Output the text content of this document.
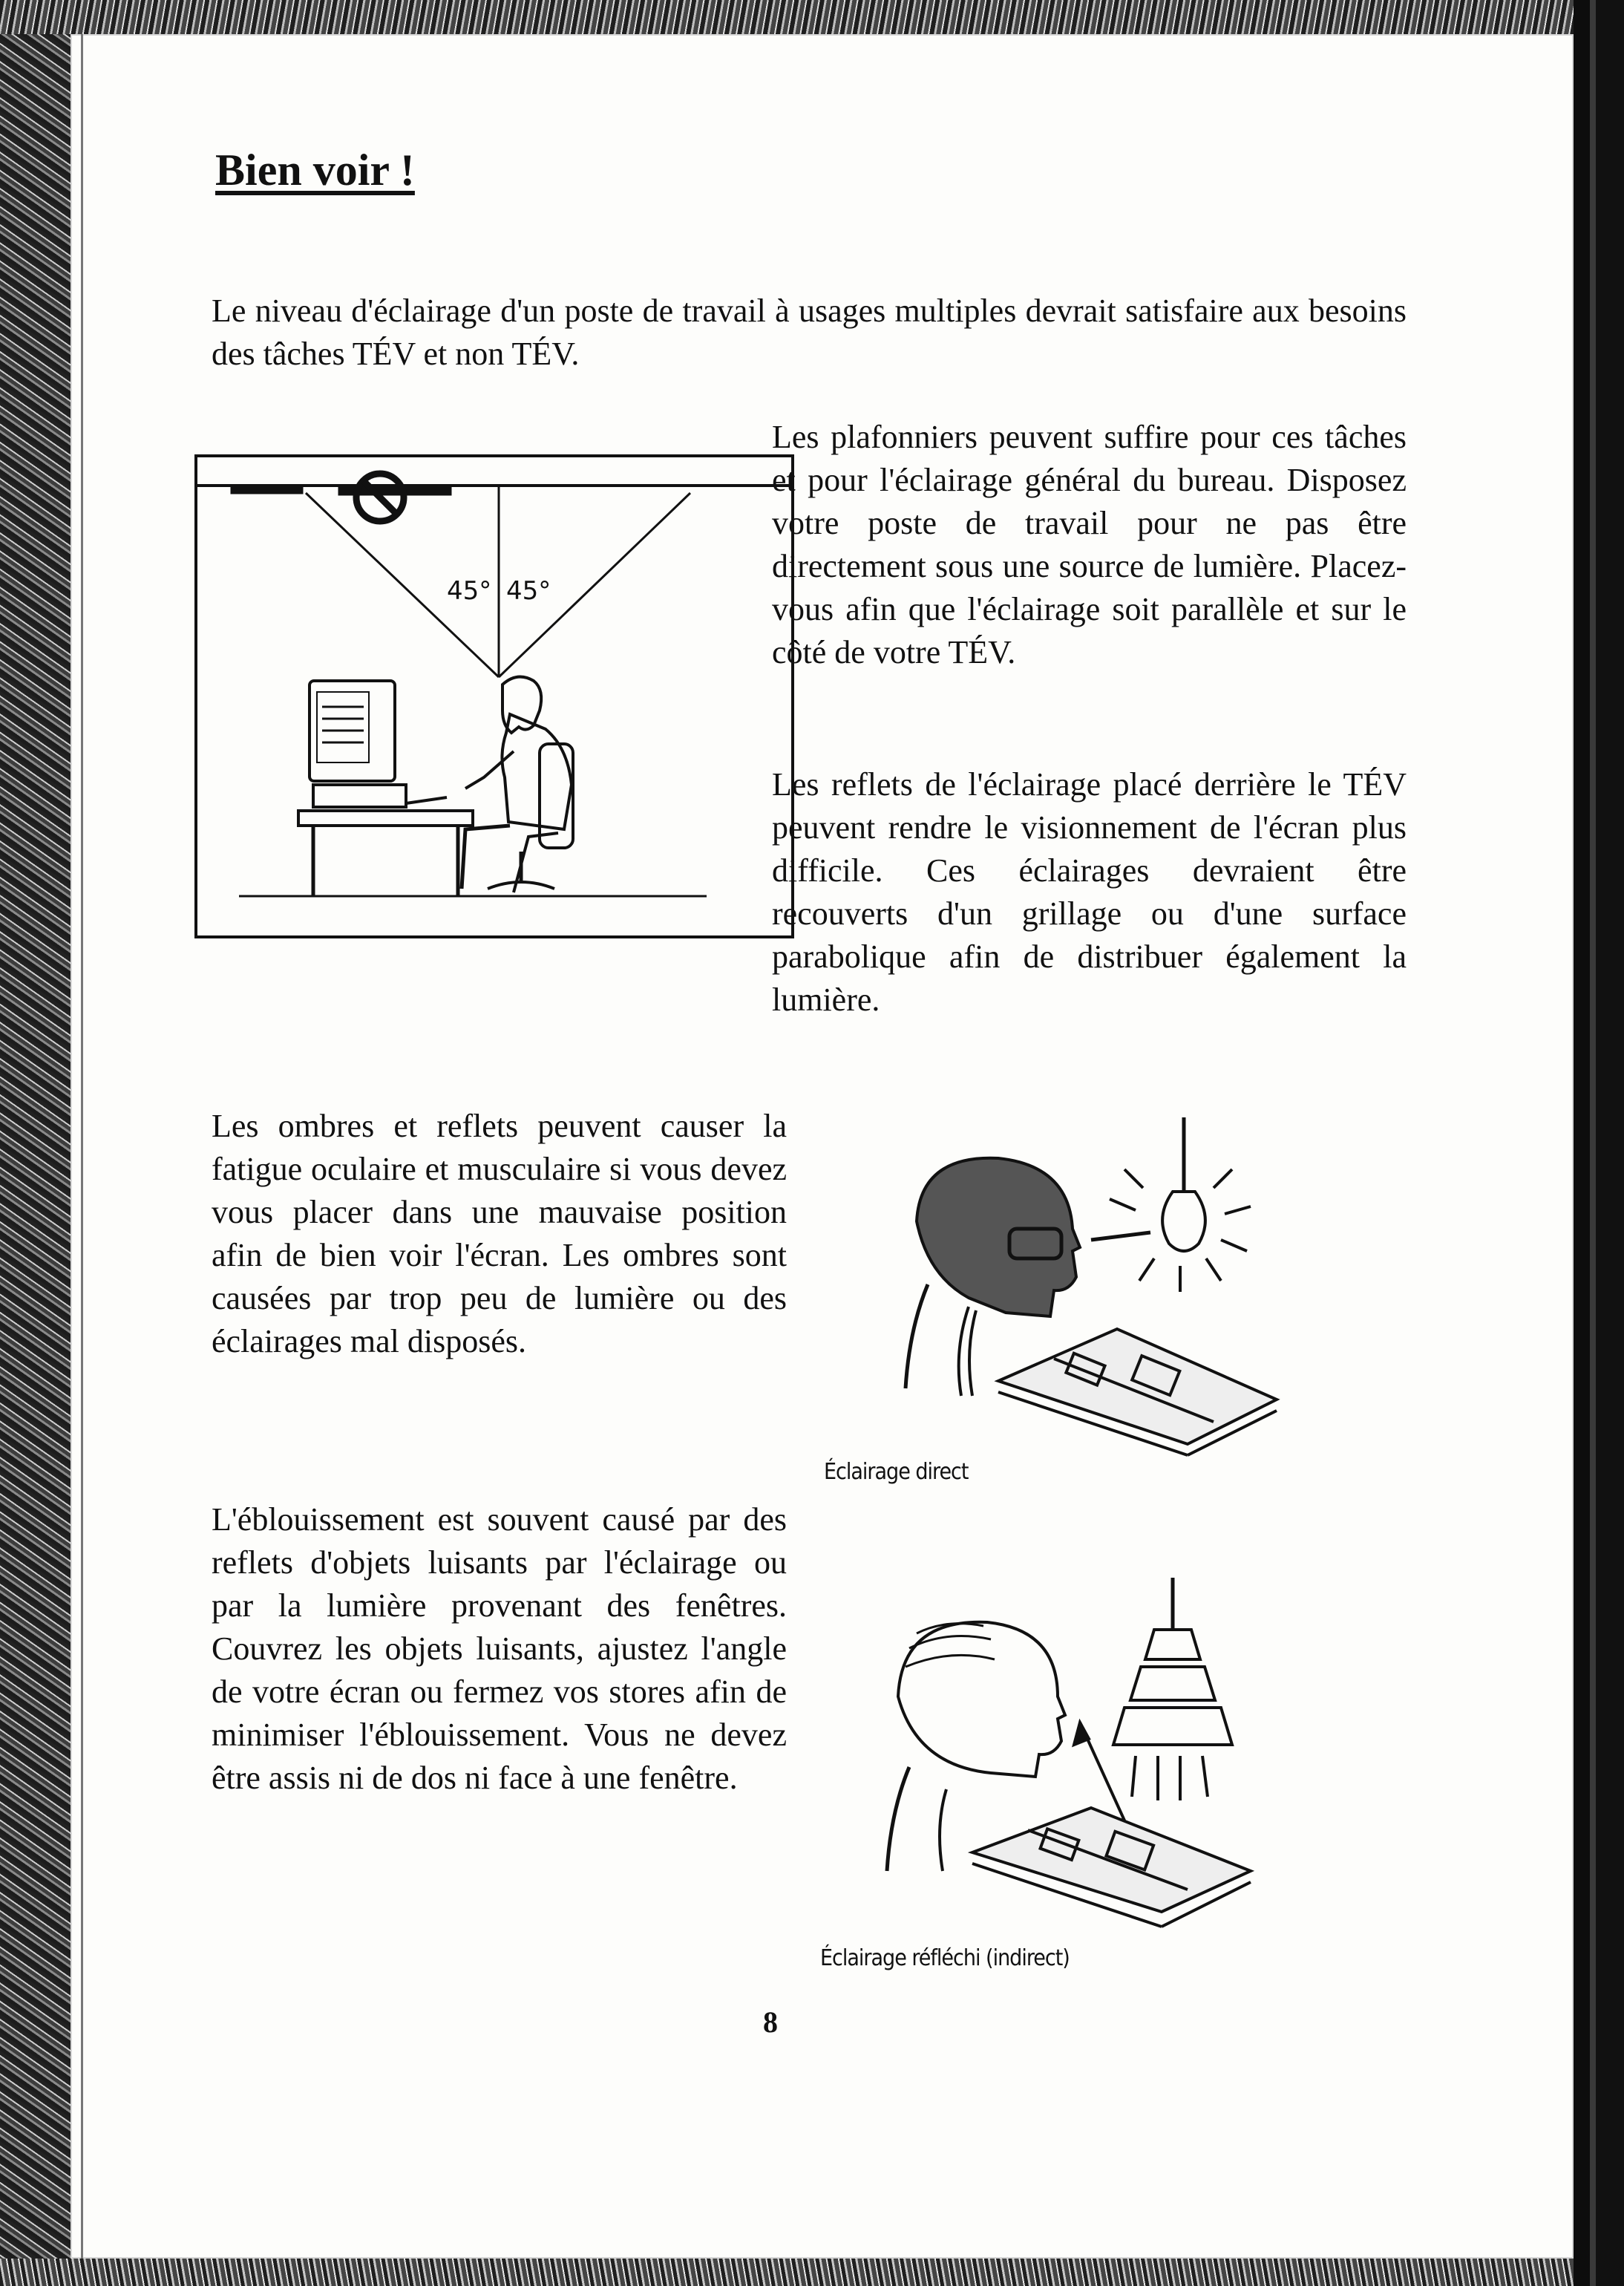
Bien voir !

Le niveau d'éclairage d'un poste de travail à usages multiples devrait satisfaire aux besoins des tâches TÉV et non TÉV.

45° 45°

Les plafonniers peuvent suffire pour ces tâches et pour l'éclairage général du bureau. Disposez votre poste de travail pour ne pas être directement sous une source de lumière. Placez-vous afin que l'éclairage soit parallèle et sur le côté de votre TÉV.

Les reflets de l'éclairage placé derrière le TÉV peuvent rendre le visionnement de l'écran plus difficile. Ces éclairages devraient être recouverts d'un grillage ou d'une surface parabolique afin de distribuer également la lumière.

Les ombres et reflets peuvent causer la fatigue oculaire et musculaire si vous devez vous placer dans une mauvaise position afin de bien voir l'écran. Les ombres sont causées par trop peu de lumière ou des éclairages mal disposés.

L'éblouissement est souvent causé par des reflets d'objets luisants par l'éclairage ou par la lumière provenant des fenêtres. Couvrez les objets luisants, ajustez l'angle de votre écran ou fermez vos stores afin de minimiser l'éblouissement. Vous ne devez être assis ni de dos ni face à une fenêtre.

Éclairage direct
Éclairage réfléchi (indirect)
8
